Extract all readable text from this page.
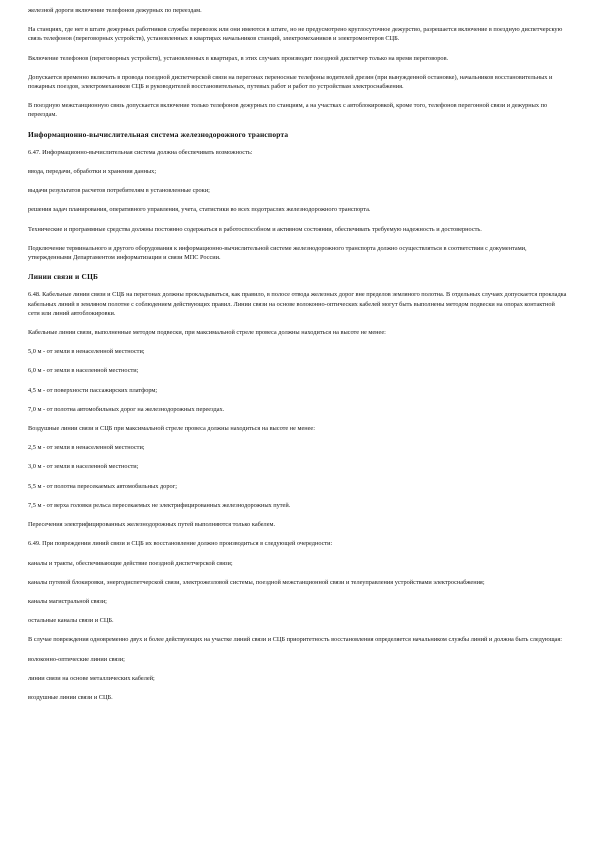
железной дороги включение телефонов дежурных по переездам.
На станциях, где нет в штате дежурных работников службы перевозок или они имеются в штате, но не предусмотрено круглосуточное дежурство, разрешается включение в поездную диспетчерскую связь телефонов (переговорных устройств), установленных в квартирах начальников станций, электромехаников и электромонтеров СЦБ.
Включение телефонов (переговорных устройств), установленных в квартирах, в этих случаях производит поездной диспетчер только на время переговоров.
Допускается временно включать в провода поездной диспетчерской связи на перегонах переносные телефоны водителей дрезин (при вынужденной остановке), начальников восстановительных и пожарных поездов, электромехаников СЦБ и руководителей восстановительных, путевых работ и работ по устройствам электроснабжения.
В поездную межстанционную связь допускается включение только телефонов дежурных по станциям, а на участках с автоблокировкой, кроме того, телефонов перегонной связи и дежурных по переездам.
Информационно-вычислительная система железнодорожного транспорта
6.47. Информационно-вычислительная система должна обеспечивать возможность:
ввода, передачи, обработки и хранения данных;
выдачи результатов расчетов потребителям в установленные сроки;
решения задач планирования, оперативного управления, учета, статистики во всех подотраслях железнодорожного транспорта.
Технические и программные средства должны постоянно содержаться в работоспособном и активном состоянии, обеспечивать требуемую надежность и достоверность.
Подключение терминального и другого оборудования к информационно-вычислительной системе железнодорожного транспорта должно осуществляться в соответствии с документами, утвержденными Департаментом информатизации и связи МПС России.
Линии связи и СЦБ
6.48. Кабельные линии связи и СЦБ на перегонах должны прокладываться, как правило, в полосе отвода железных дорог вне пределов земляного полотна. В отдельных случаях допускается прокладка кабельных линий в земляном полотне с соблюдением действующих правил. Линии связи на основе волоконно-оптических кабелей могут быть выполнены методом подвески на опорах контактной сети или линий автоблокировки.
Кабельные линии связи, выполненные методом подвески, при максимальной стреле провеса должны находиться на высоте не менее:
5,0 м - от земли в ненаселенной местности;
6,0 м - от земли в населенной местности;
4,5 м - от поверхности пассажирских платформ;
7,0 м - от полотна автомобильных дорог на железнодорожных переездах.
Воздушные линии связи и СЦБ при максимальной стреле провеса должны находиться на высоте не менее:
2,5 м - от земли в ненаселенной местности;
3,0 м - от земли в населенной местности;
5,5 м - от полотна пересекаемых автомобильных дорог;
7,5 м - от верха головки рельса пересекаемых не электрифицированных железнодорожных путей.
Пересечения электрифицированных железнодорожных путей выполняются только кабелем.
6.49. При повреждении линий связи и СЦБ их восстановление должно производиться в следующей очередности:
каналы и тракты, обеспечивающие действие поездной диспетчерской связи;
каналы путевой блокировки, энергодиспетчерской связи, электрожезловой системы, поездной межстанционной связи и телеуправления устройствами электроснабжения;
каналы магистральной связи;
остальные каналы связи и СЦБ.
В случае повреждения одновременно двух и более действующих на участке линий связи и СЦБ приоритетность восстановления определяется начальником службы линий и должна быть следующая:
волоконно-оптические линии связи;
линии связи на основе металлических кабелей;
воздушные линии связи и СЦБ.
